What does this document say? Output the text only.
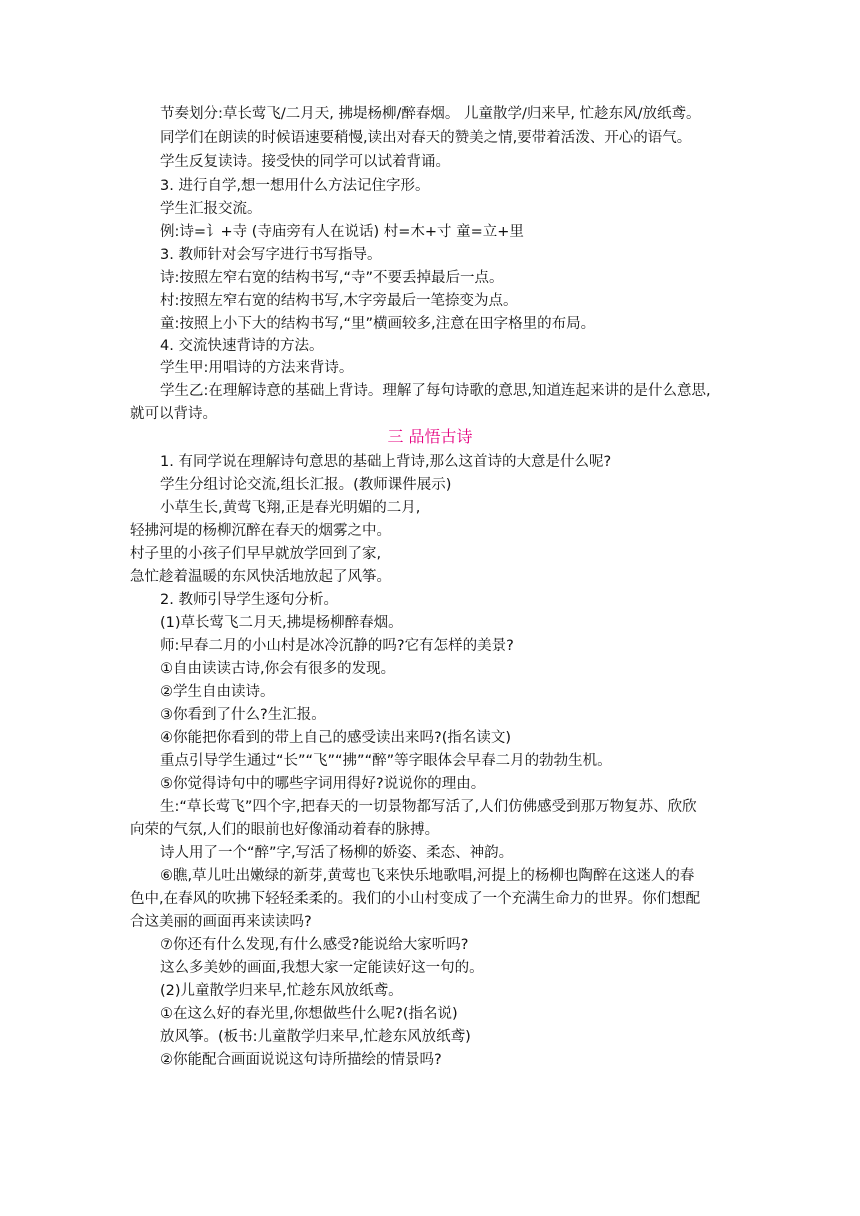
节奏划分:草长莺飞/二月天, 拂堤杨柳/醉春烟。 儿童散学/归来早, 忙趁东风/放纸鸢。
同学们在朗读的时候语速要稍慢,读出对春天的赞美之情,要带着活泼、开心的语气。
学生反复读诗。接受快的同学可以试着背诵。
3. 进行自学,想一想用什么方法记住字形。
学生汇报交流。
例:诗=讠+寺 (寺庙旁有人在说话) 村=木+寸 童=立+里
3. 教师针对会写字进行书写指导。
诗:按照左窄右宽的结构书写,“寺”不要丢掉最后一点。
村:按照左窄右宽的结构书写,木字旁最后一笔捺变为点。
童:按照上小下大的结构书写,“里”横画较多,注意在田字格里的布局。
4. 交流快速背诗的方法。
学生甲:用唱诗的方法来背诗。
学生乙:在理解诗意的基础上背诗。理解了每句诗歌的意思,知道连起来讲的是什么意思,
就可以背诗。
三 品悟古诗
1. 有同学说在理解诗句意思的基础上背诗,那么这首诗的大意是什么呢?
学生分组讨论交流,组长汇报。(教师课件展示)
小草生长,黄莺飞翔,正是春光明媚的二月,
轻拂河堤的杨柳沉醉在春天的烟雾之中。
村子里的小孩子们早早就放学回到了家,
急忙趁着温暖的东风快活地放起了风筝。
2. 教师引导学生逐句分析。
(1)草长莺飞二月天,拂堤杨柳醉春烟。
师:早春二月的小山村是冰冷沉静的吗?它有怎样的美景?
①自由读读古诗,你会有很多的发现。
②学生自由读诗。
③你看到了什么?生汇报。
④你能把你看到的带上自己的感受读出来吗?(指名读文)
重点引导学生通过“长”“飞”“拂”“醉”等字眼体会早春二月的勃勃生机。
⑤你觉得诗句中的哪些字词用得好?说说你的理由。
生:“草长莺飞”四个字,把春天的一切景物都写活了,人们仿佛感受到那万物复苏、欣欣
向荣的气氛,人们的眼前也好像涌动着春的脉搏。
诗人用了一个“醉”字,写活了杨柳的娇姿、柔态、神韵。
⑥瞧,草儿吐出嫩绿的新芽,黄莺也飞来快乐地歌唱,河提上的杨柳也陶醉在这迷人的春
色中,在春风的吹拂下轻轻柔柔的。我们的小山村变成了一个充满生命力的世界。你们想配
合这美丽的画面再来读读吗?
⑦你还有什么发现,有什么感受?能说给大家听吗?
这么多美妙的画面,我想大家一定能读好这一句的。
(2)儿童散学归来早,忙趁东风放纸鸢。
①在这么好的春光里,你想做些什么呢?(指名说)
放风筝。(板书:儿童散学归来早,忙趁东风放纸鸢)
②你能配合画面说说这句诗所描绘的情景吗?
